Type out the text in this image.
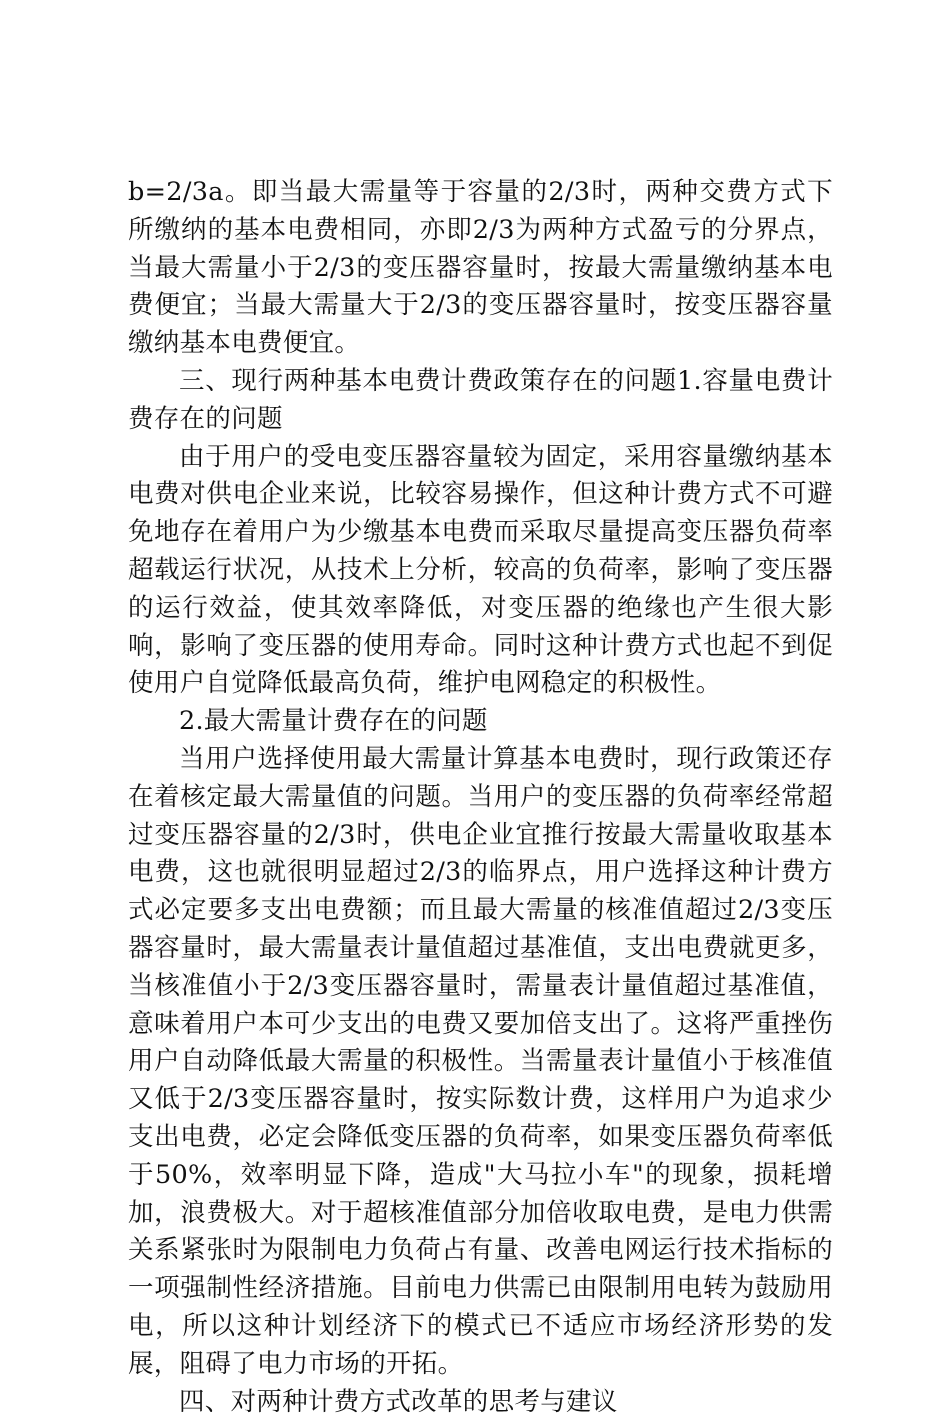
b=2/3a。即当最大需量等于容量的2/3时，两种交费方式下所缴纳的基本电费相同，亦即2/3为两种方式盈亏的分界点，当最大需量小于2/3的变压器容量时，按最大需量缴纳基本电费便宜；当最大需量大于2/3的变压器容量时，按变压器容量缴纳基本电费便宜。

三、现行两种基本电费计费政策存在的问题1.容量电费计费存在的问题

由于用户的受电变压器容量较为固定，采用容量缴纳基本电费对供电企业来说，比较容易操作，但这种计费方式不可避免地存在着用户为少缴基本电费而采取尽量提高变压器负荷率超载运行状况，从技术上分析，较高的负荷率，影响了变压器的运行效益，使其效率降低，对变压器的绝缘也产生很大影响，影响了变压器的使用寿命。同时这种计费方式也起不到促使用户自觉降低最高负荷，维护电网稳定的积极性。

2.最大需量计费存在的问题

当用户选择使用最大需量计算基本电费时，现行政策还存在着核定最大需量值的问题。当用户的变压器的负荷率经常超过变压器容量的2/3时，供电企业宜推行按最大需量收取基本电费，这也就很明显超过2/3的临界点，用户选择这种计费方式必定要多支出电费额；而且最大需量的核准值超过2/3变压器容量时，最大需量表计量值超过基准值，支出电费就更多，当核准值小于2/3变压器容量时，需量表计量值超过基准值，意味着用户本可少支出的电费又要加倍支出了。这将严重挫伤用户自动降低最大需量的积极性。当需量表计量值小于核准值又低于2/3变压器容量时，按实际数计费，这样用户为追求少支出电费，必定会降低变压器的负荷率，如果变压器负荷率低于50%，效率明显下降，造成"大马拉小车"的现象，损耗增加，浪费极大。对于超核准值部分加倍收取电费，是电力供需关系紧张时为限制电力负荷占有量、改善电网运行技术指标的一项强制性经济措施。目前电力供需已由限制用电转为鼓励用电，所以这种计划经济下的模式已不适应市场经济形势的发展，阻碍了电力市场的开拓。

四、对两种计费方式改革的思考与建议
